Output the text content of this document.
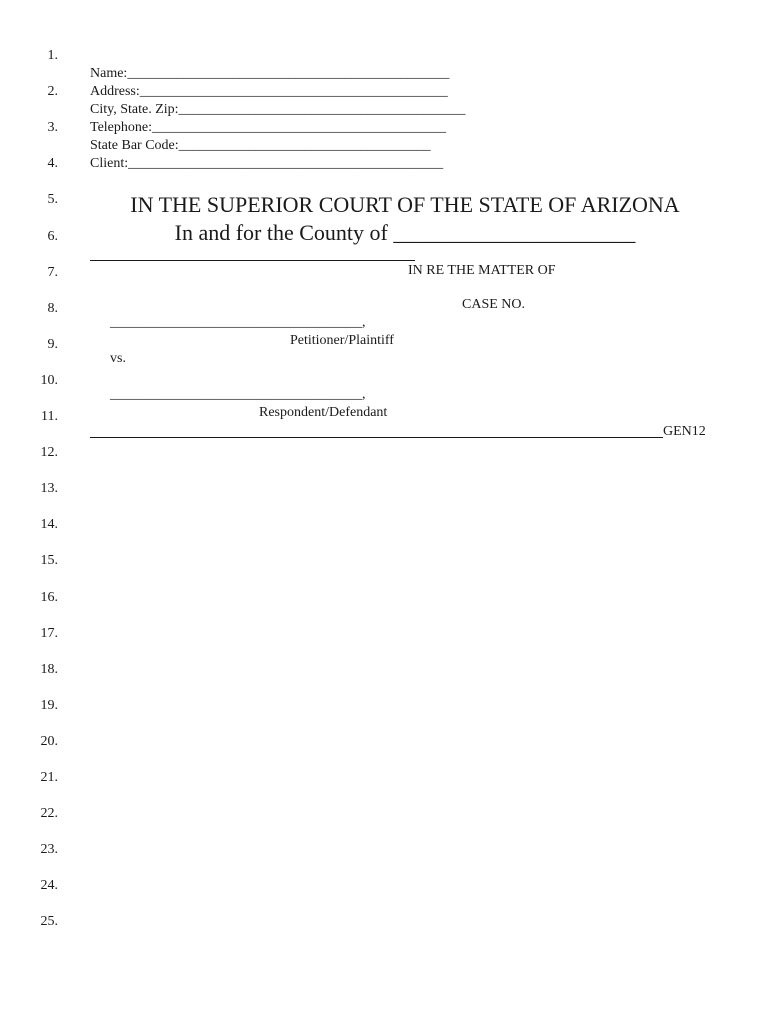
1.
2.
3.
4.
5.
6.
7.
8.
9.
10.
11.
12.
13.
14.
15.
16.
17.
18.
19.
20.
21.
22.
23.
24.
25.
Name:______________________________________________
Address:____________________________________________
City, State. Zip:_________________________________________
Telephone:__________________________________________
State Bar Code:____________________________________
Client:_____________________________________________
IN THE SUPERIOR COURT OF THE STATE OF ARIZONA
In and for the County of ______________________
IN RE THE MATTER OF
CASE NO.
____________________________________,
Petitioner/Plaintiff
vs.
____________________________________,
Respondent/Defendant
GEN12
